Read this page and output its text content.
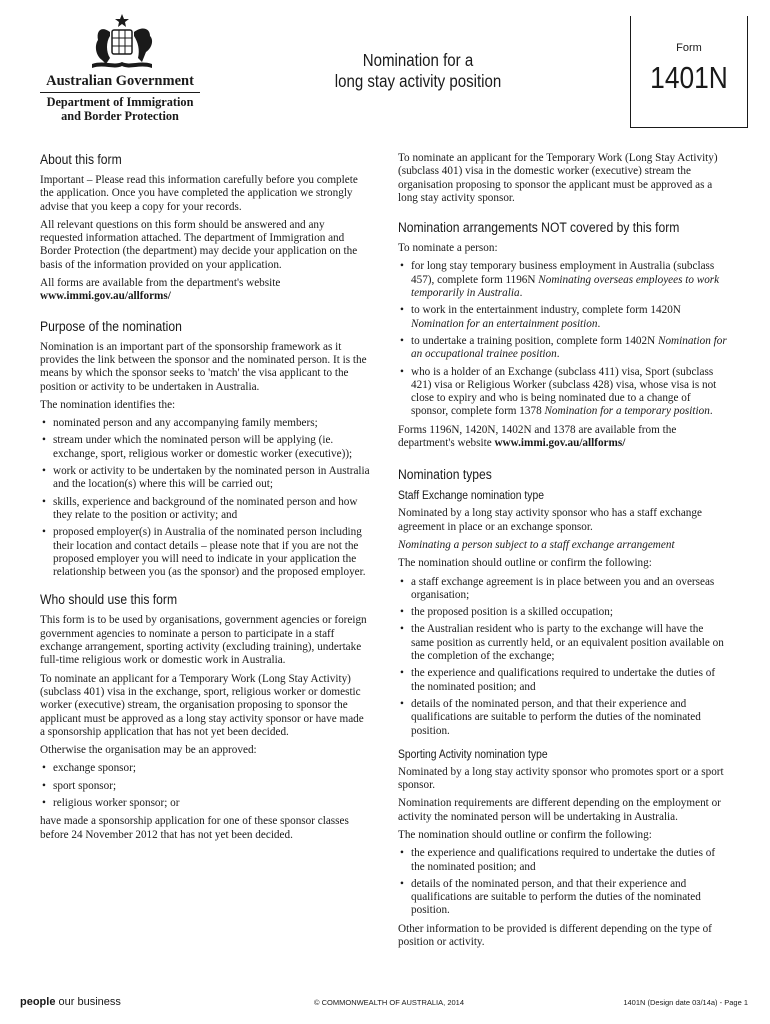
Australian Government
Department of Immigration and Border Protection
Nomination for a
long stay activity position
Form
1401N
About this form

Important – Please read this information carefully before you complete the application. Once you have completed the application we strongly advise that you keep a copy for your records.

All relevant questions on this form should be answered and any requested information attached. The department of Immigration and Border Protection (the department) may decide your application on the basis of the information provided on your application.

All forms are available from the department's website www.immi.gov.au/allforms/

Purpose of the nomination

Nomination is an important part of the sponsorship framework as it provides the link between the sponsor and the nominated person. It is the means by which the sponsor seeks to 'match' the visa applicant to the position or activity to be undertaken in Australia.

The nomination identifies the:

• nominated person and any accompanying family members;
• stream under which the nominated person will be applying (ie. exchange, sport, religious worker or domestic worker (executive));
• work or activity to be undertaken by the nominated person in Australia and the location(s) where this will be carried out;
• skills, experience and background of the nominated person and how they relate to the position or activity; and
• proposed employer(s) in Australia of the nominated person including their location and contact details – please note that if you are not the proposed employer you will need to indicate in your application the relationship between you (as the sponsor) and the proposed employer.
Who should use this form

This form is to be used by organisations, government agencies or foreign government agencies to nominate a person to participate in a staff exchange arrangement, sporting activity (excluding training), undertake full-time religious work or domestic work in Australia.

To nominate an applicant for a Temporary Work (Long Stay Activity) (subclass 401) visa in the exchange, sport, religious worker or domestic worker (executive) stream, the organisation proposing to sponsor the applicant must be approved as a long stay activity sponsor or have made a sponsorship application that has not yet been decided.

Otherwise the organisation may be an approved:

• exchange sponsor;
• sport sponsor;
• religious worker sponsor; or

have made a sponsorship application for one of these sponsor classes before 24 November 2012 that has not yet been decided.

To nominate an applicant for the Temporary Work (Long Stay Activity) (subclass 401) visa in the domestic worker (executive) stream the organisation proposing to sponsor the applicant must be approved as a long stay activity sponsor.

Nomination arrangements NOT covered by this form

To nominate a person:

• for long stay temporary business employment in Australia (subclass 457), complete form 1196N Nominating overseas employees to work temporarily in Australia.
• to work in the entertainment industry, complete form 1420N Nomination for an entertainment position.
• to undertake a training position, complete form 1402N Nomination for an occupational trainee position.
• who is a holder of an Exchange (subclass 411) visa, Sport (subclass 421) visa or Religious Worker (subclass 428) visa, whose visa is not close to expiry and who is being nominated due to a change of sponsor, complete form 1378 Nomination for a temporary position.

Forms 1196N, 1420N, 1402N and 1378 are available from the department's website www.immi.gov.au/allforms/

Nomination types
Staff Exchange nomination type

Nominated by a long stay activity sponsor who has a staff exchange agreement in place or an exchange sponsor.

Nominating a person subject to a staff exchange arrangement

The nomination should outline or confirm the following:

• a staff exchange agreement is in place between you and an overseas organisation;
• the proposed position is a skilled occupation;
• the Australian resident who is party to the exchange will have the same position as currently held, or an equivalent position available on the completion of the exchange;
• the experience and qualifications required to undertake the duties of the nominated position; and
• details of the nominated person, and that their experience and qualifications are suitable to perform the duties of the nominated position.
Sporting Activity nomination type

Nominated by a long stay activity sponsor who promotes sport or a sport sponsor.

Nomination requirements are different depending on the employment or activity the nominated person will be undertaking in Australia.

The nomination should outline or confirm the following:

• the experience and qualifications required to undertake the duties of the nominated position; and
• details of the nominated person, and that their experience and qualifications are suitable to perform the duties of the nominated position.

Other information to be provided is different depending on the type of position or activity.

people our business	© COMMONWEALTH OF AUSTRALIA, 2014	1401N (Design date 03/14a) - Page 1
